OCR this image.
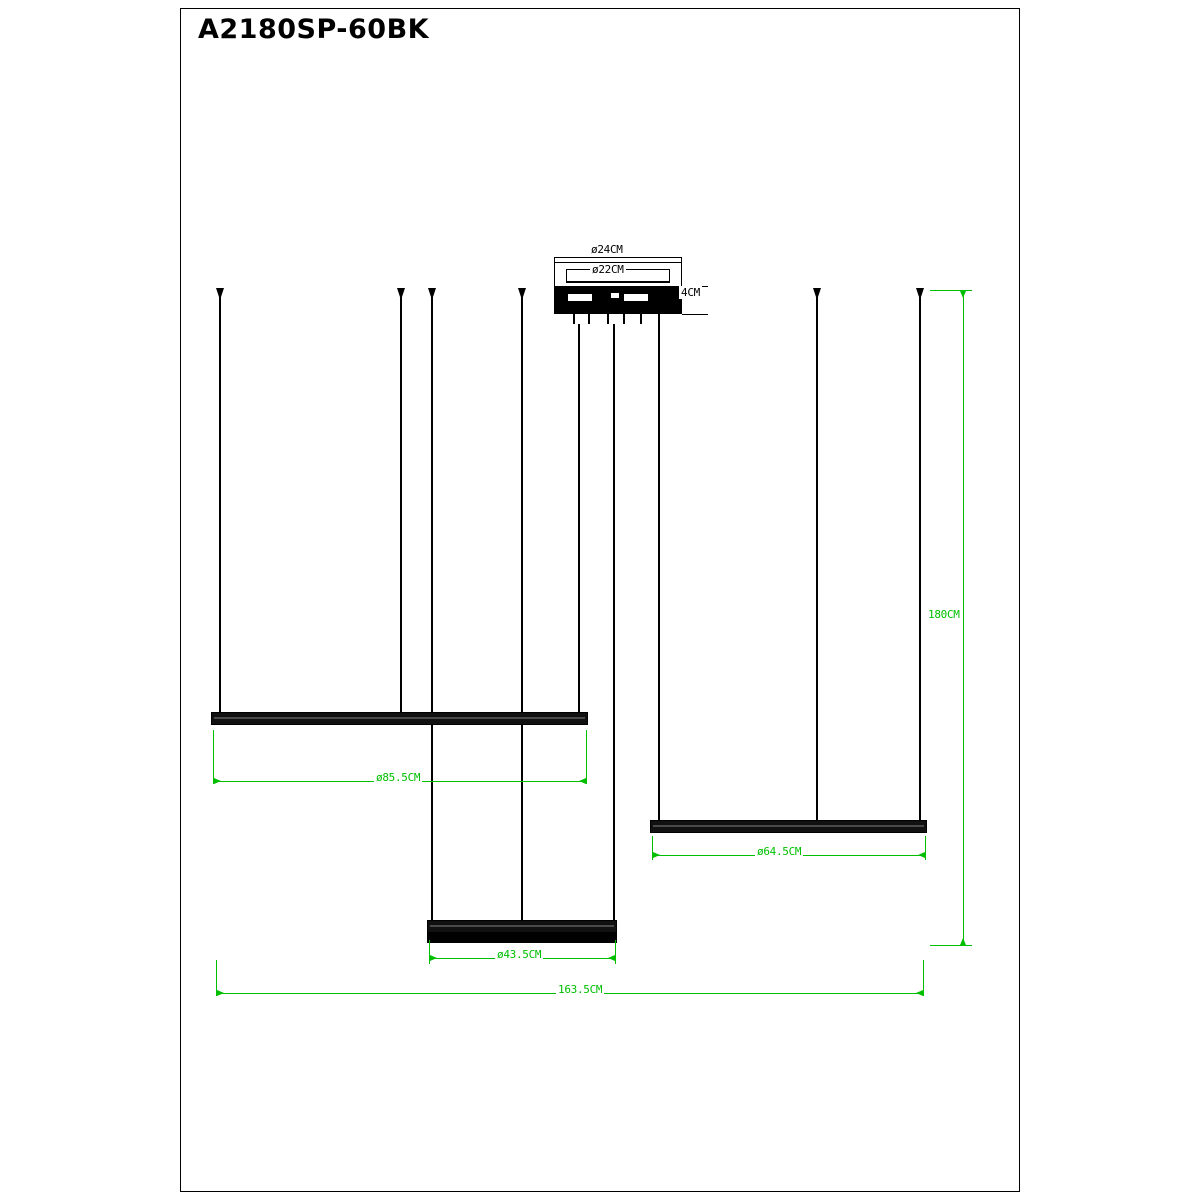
A2180SP-60BK
ø24CM
ø22CM
4CM
180CM
ø85.5CM
ø64.5CM
ø43.5CM
163.5CM
